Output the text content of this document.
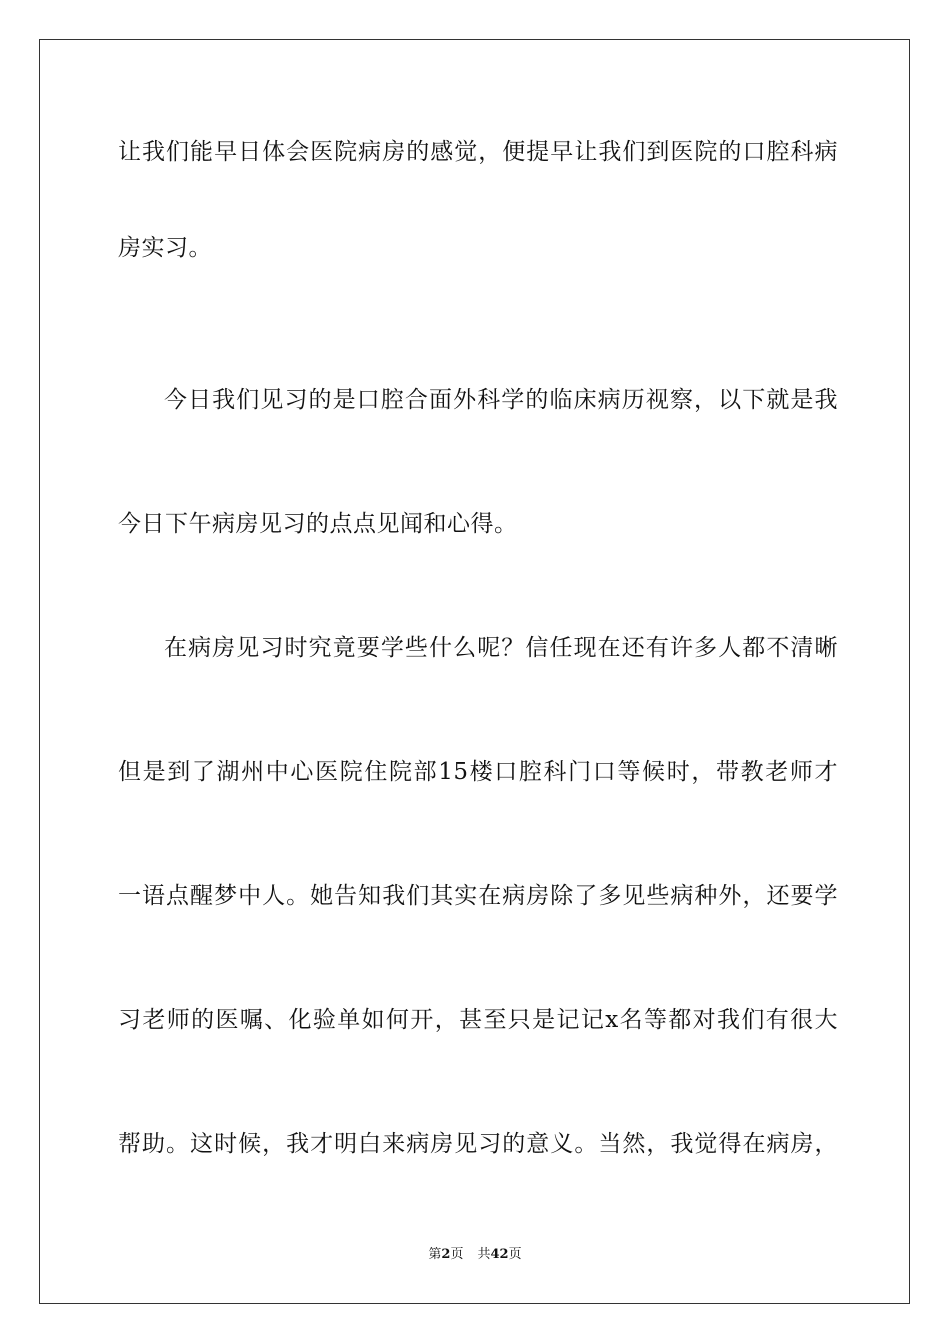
让我们能早日体会医院病房的感觉，便提早让我们到医院的口腔科病
房实习。
今日我们见习的是口腔合面外科学的临床病历视察，以下就是我
今日下午病房见习的点点见闻和心得。
在病房见习时究竟要学些什么呢？信任现在还有许多人都不清晰
但是到了湖州中心医院住院部15楼口腔科门口等候时，带教老师才
一语点醒梦中人。她告知我们其实在病房除了多见些病种外，还要学
习老师的医嘱、化验单如何开，甚至只是记记x名等都对我们有很大
帮助。这时候，我才明白来病房见习的意义。当然，我觉得在病房，
第2页 共42页
